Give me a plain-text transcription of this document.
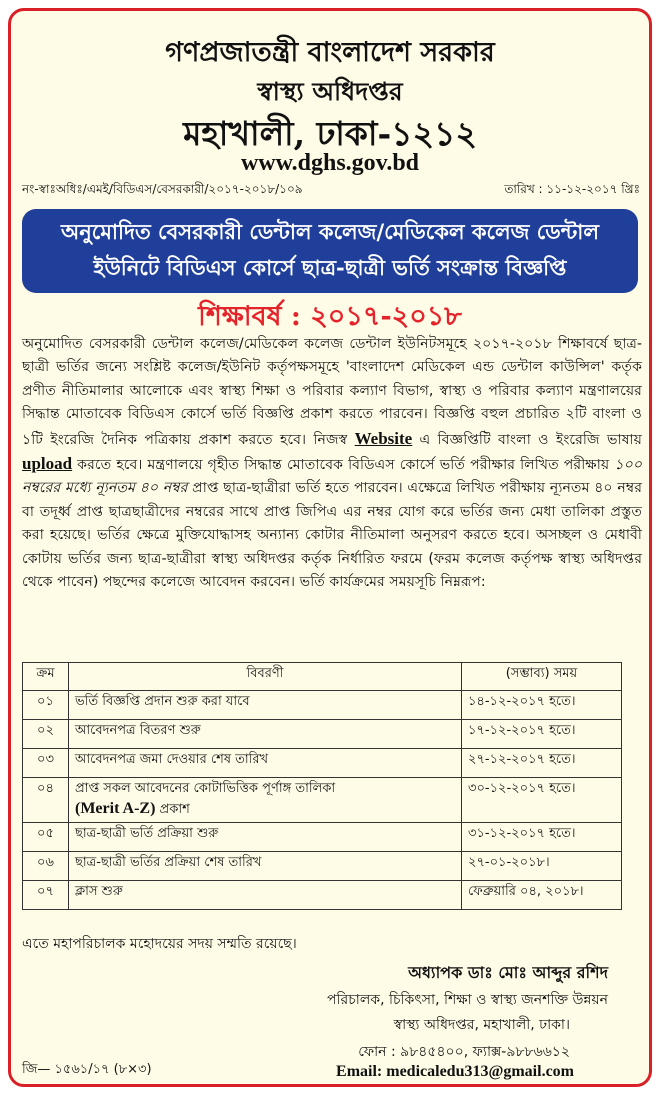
গণপ্রজাতন্ত্রী বাংলাদেশ সরকার
স্বাস্থ্য অধিদপ্তর
মহাখালী, ঢাকা-১২১২
www.dghs.gov.bd
নং-স্বাঃঅধিঃ/এমই/বিডিএস/বেসরকারী/২০১৭-২০১৮/১০৯	তারিখ : ১১-১২-২০১৭ খ্রিঃ
অনুমোদিত বেসরকারী ডেন্টাল কলেজ/মেডিকেল কলেজ ডেন্টাল
ইউনিটে বিডিএস কোর্সে ছাত্র-ছাত্রী ভর্তি সংক্রান্ত বিজ্ঞপ্তি
শিক্ষাবর্ষ : ২০১৭-২০১৮
অনুমোদিত বেসরকারী ডেন্টাল কলেজ/মেডিকেল কলেজ ডেন্টাল ইউনিটসমূহে ২০১৭-২০১৮ শিক্ষাবর্ষে ছাত্র-ছাত্রী ভর্তির জন্যে সংশ্লিষ্ট কলেজ/ইউনিট কর্তৃপক্ষসমূহে 'বাংলাদেশ মেডিকেল এন্ড ডেন্টাল কাউন্সিল' কর্তৃক প্রণীত নীতিমালার আলোকে এবং স্বাস্থ্য শিক্ষা ও পরিবার কল্যাণ বিভাগ, স্বাস্থ্য ও পরিবার কল্যাণ মন্ত্রণালয়ের সিদ্ধান্ত মোতাবেক বিডিএস কোর্সে ভর্তি বিজ্ঞপ্তি প্রকাশ করতে পারবেন। বিজ্ঞপ্তি বহুল প্রচারিত ২টি বাংলা ও ১টি ইংরেজি দৈনিক পত্রিকায় প্রকাশ করতে হবে। নিজস্ব Website এ বিজ্ঞপ্তিটি বাংলা ও ইংরেজি ভাষায় upload করতে হবে। মন্ত্রণালয়ে গৃহীত সিদ্ধান্ত মোতাবেক বিডিএস কোর্সে ভর্তি পরীক্ষার লিখিত পরীক্ষায় ১০০ নম্বরের মধ্যে ন্যূনতম ৪০ নম্বর প্রাপ্ত ছাত্র-ছাত্রীরা ভর্তি হতে পারবেন। এক্ষেত্রে লিখিত পরীক্ষায় ন্যূনতম ৪০ নম্বর বা তদূর্ধ্ব প্রাপ্ত ছাত্রছাত্রীদের নম্বরের সাথে প্রাপ্ত জিপিএ এর নম্বর যোগ করে ভর্তির জন্য মেধা তালিকা প্রস্তুত করা হয়েছে। ভর্তির ক্ষেত্রে মুক্তিযোদ্ধাসহ অন্যান্য কোটার নীতিমালা অনুসরণ করতে হবে। অসচ্ছল ও মেধাবী কোটায় ভর্তির জন্য ছাত্র-ছাত্রীরা স্বাস্থ্য অধিদপ্তর কর্তৃক নির্ধারিত ফরমে (ফরম কলেজ কর্তৃপক্ষ স্বাস্থ্য অধিদপ্তর থেকে পাবেন) পছন্দের কলেজে আবেদন করবেন। ভর্তি কার্যক্রমের সময়সূচি নিম্নরূপ:
ক্রম	বিবরণী	(সম্ভাব্য) সময়
০১	ভর্তি বিজ্ঞপ্তি প্রদান শুরু করা যাবে	১৪-১২-২০১৭ হতে।
০২	আবেদনপত্র বিতরণ শুরু	১৭-১২-২০১৭ হতে।
০৩	আবেদনপত্র জমা দেওয়ার শেষ তারিখ	২৭-১২-২০১৭ হতে।
০৪	প্রাপ্ত সকল আবেদনের কোটাভিত্তিক পূর্ণাঙ্গ তালিকা
(Merit A-Z) প্রকাশ	৩০-১২-২০১৭ হতে।
০৫	ছাত্র-ছাত্রী ভর্তি প্রক্রিয়া শুরু	৩১-১২-২০১৭ হতে।
০৬	ছাত্র-ছাত্রী ভর্তির প্রক্রিয়া শেষ তারিখ	২৭-০১-২০১৮।
০৭	ক্লাস শুরু	ফেব্রুয়ারি ০৪, ২০১৮।
এতে মহাপরিচালক মহোদয়ের সদয় সম্মতি রয়েছে।
অধ্যাপক ডাঃ মোঃ আব্দুর রশিদ
পরিচালক, চিকিৎসা, শিক্ষা ও স্বাস্থ্য জনশক্তি উন্নয়ন
স্বাস্থ্য অধিদপ্তর, মহাখালী, ঢাকা।
ফোন : ৯৮৪৫৪০০, ফ্যাক্স-৯৮৮৬৬১২
জি— ১৫৬১/১৭ (৮×৩)	Email: medicaledu313@gmail.com
